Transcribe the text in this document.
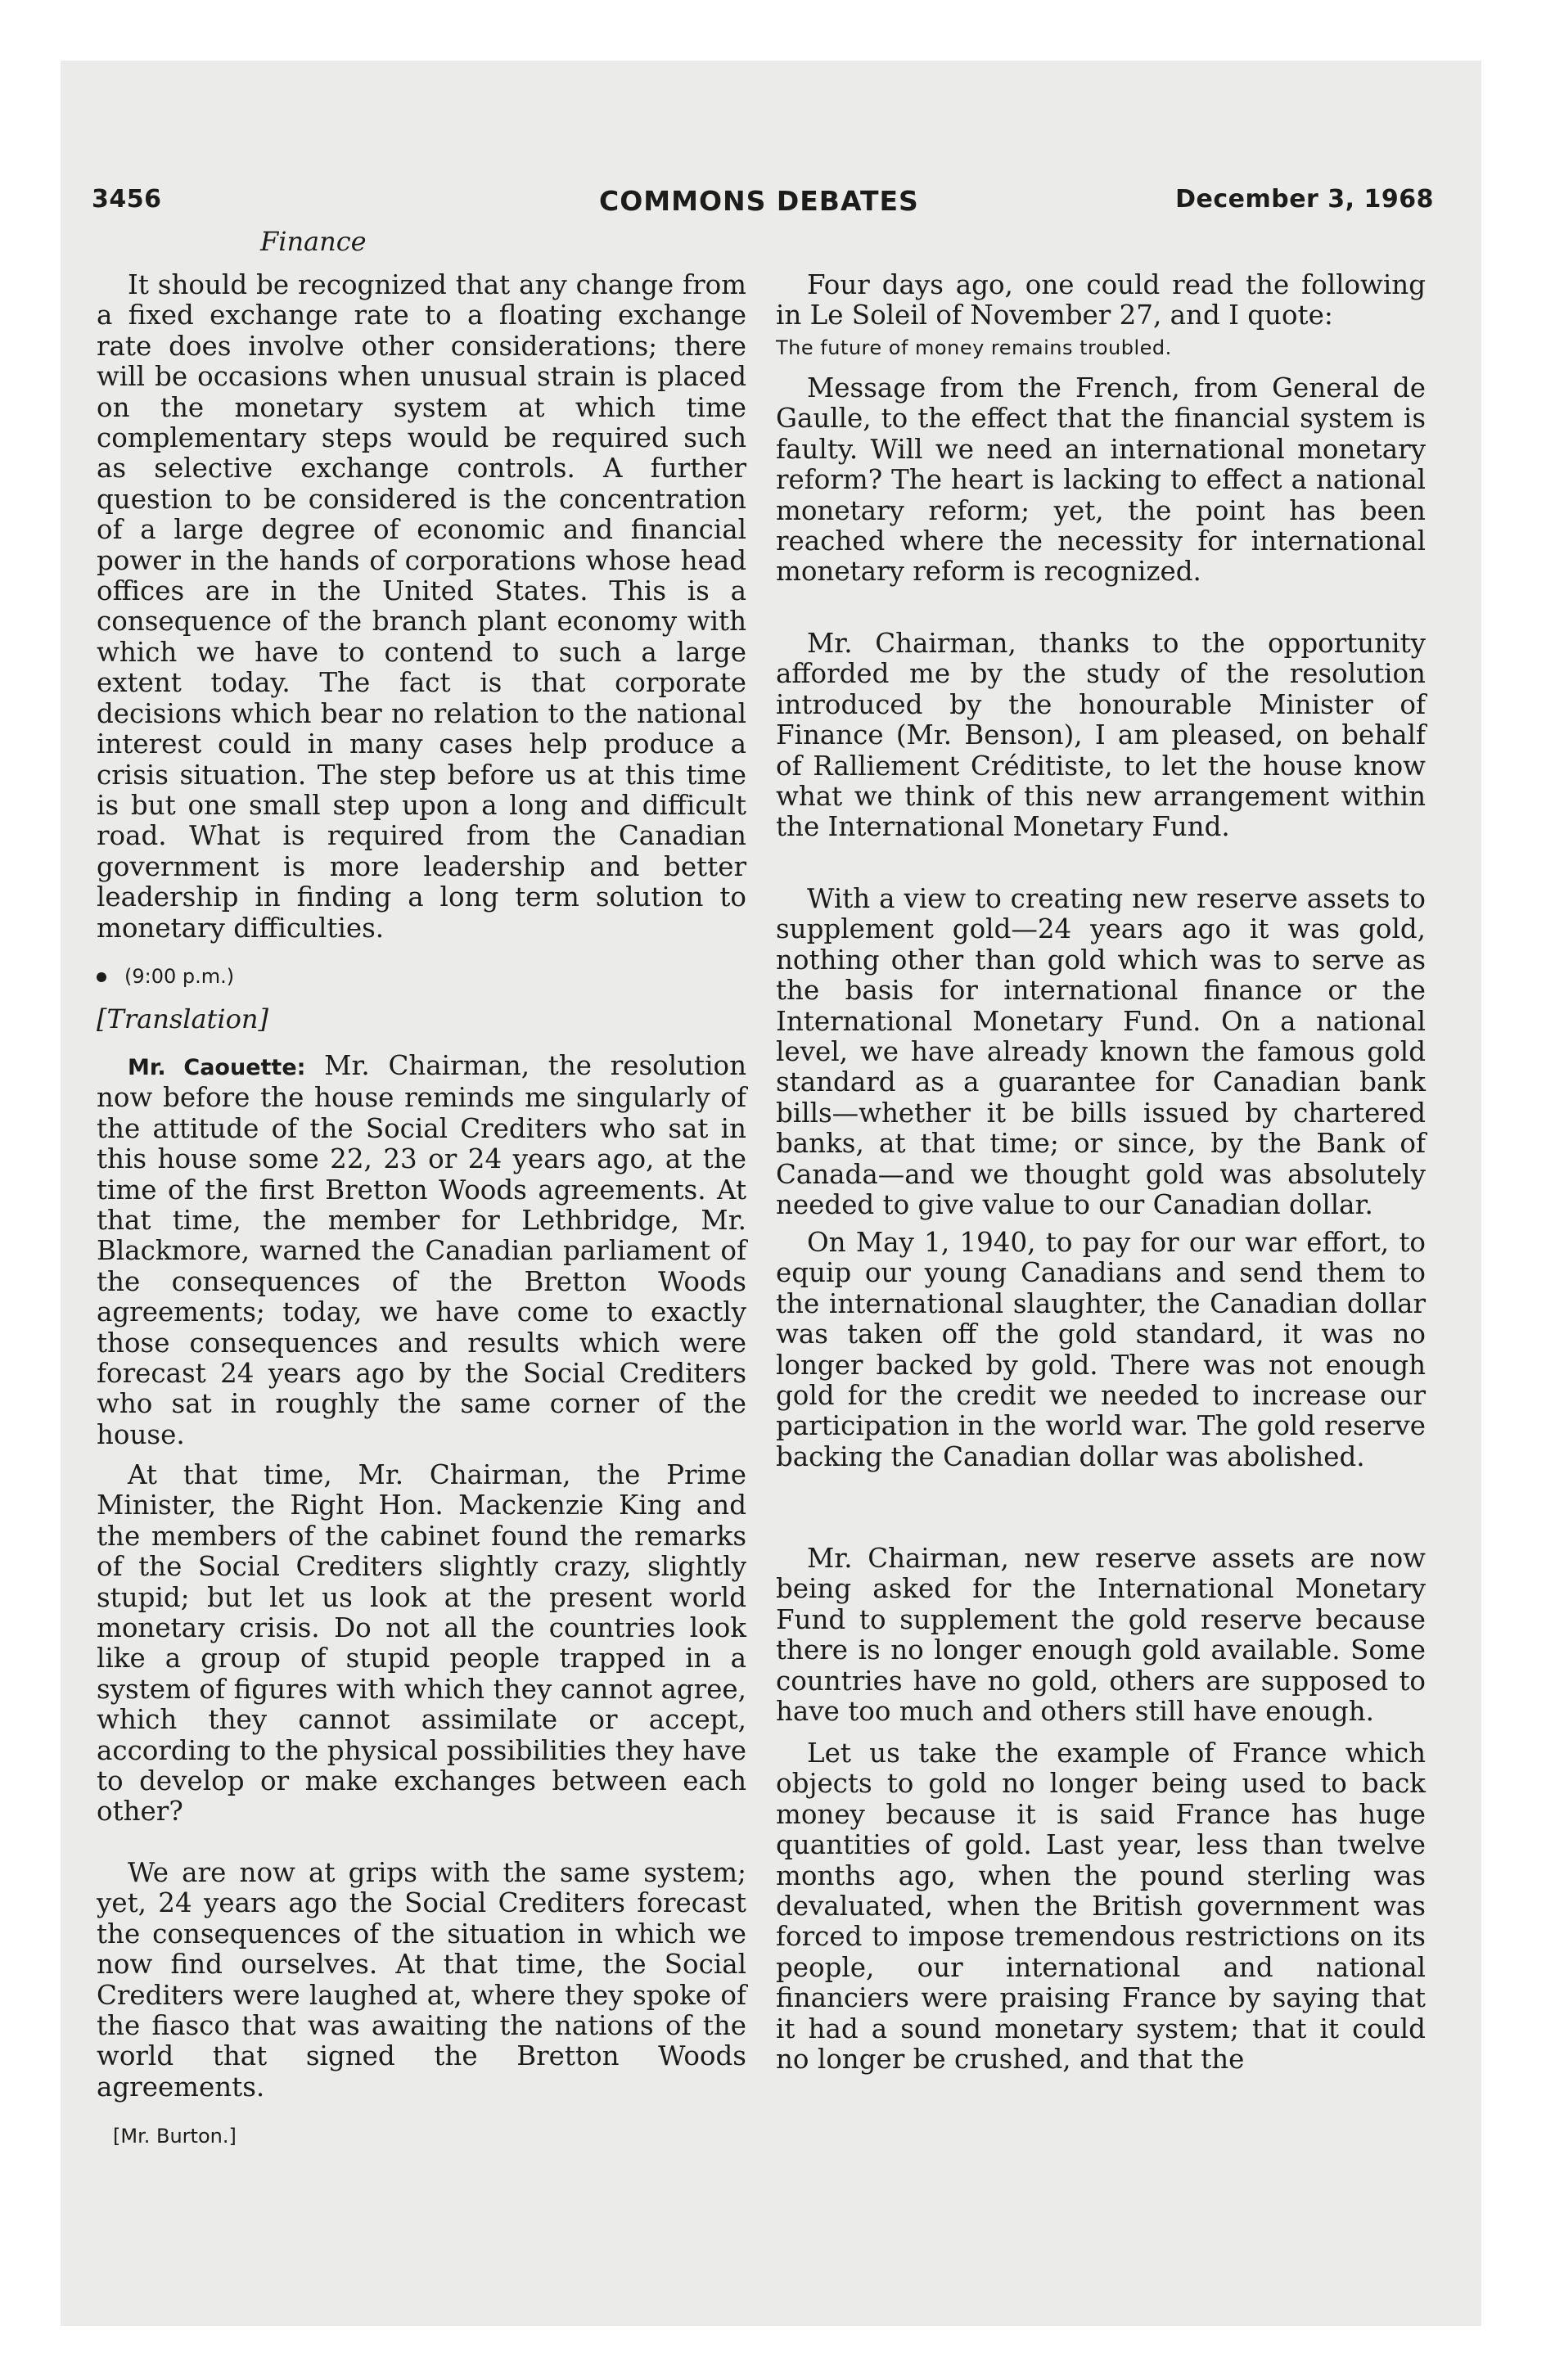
3456	COMMONS DEBATES	December 3, 1968
Finance

It should be recognized that any change from a fixed exchange rate to a floating exchange rate does involve other considerations; there will be occasions when unusual strain is placed on the monetary system at which time complementary steps would be required such as selective exchange controls. A further question to be considered is the concentration of a large degree of economic and financial power in the hands of corporations whose head offices are in the United States. This is a consequence of the branch plant economy with which we have to contend to such a large extent today. The fact is that corporate decisions which bear no relation to the national interest could in many cases help produce a crisis situation. The step before us at this time is but one small step upon a long and difficult road. What is required from the Canadian government is more leadership and better leadership in finding a long term solution to monetary difficulties.

(9:00 p.m.)
[Translation]

Mr. Caouette: Mr. Chairman, the resolution now before the house reminds me singularly of the attitude of the Social Crediters who sat in this house some 22, 23 or 24 years ago, at the time of the first Bretton Woods agreements. At that time, the member for Lethbridge, Mr. Blackmore, warned the Canadian parliament of the consequences of the Bretton Woods agreements; today, we have come to exactly those consequences and results which were forecast 24 years ago by the Social Crediters who sat in roughly the same corner of the house.

At that time, Mr. Chairman, the Prime Minister, the Right Hon. Mackenzie King and the members of the cabinet found the remarks of the Social Crediters slightly crazy, slightly stupid; but let us look at the present world monetary crisis. Do not all the countries look like a group of stupid people trapped in a system of figures with which they cannot agree, which they cannot assimilate or accept, according to the physical possibilities they have to develop or make exchanges between each other?

We are now at grips with the same system; yet, 24 years ago the Social Crediters forecast the consequences of the situation in which we now find ourselves. At that time, the Social Crediters were laughed at, where they spoke of the fiasco that was awaiting the nations of the world that signed the Bretton Woods agreements.

[Mr. Burton.]

Four days ago, one could read the following in Le Soleil of November 27, and I quote:

The future of money remains troubled.

Message from the French, from General de Gaulle, to the effect that the financial system is faulty. Will we need an international monetary reform? The heart is lacking to effect a national monetary reform; yet, the point has been reached where the necessity for international monetary reform is recognized.

Mr. Chairman, thanks to the opportunity afforded me by the study of the resolution introduced by the honourable Minister of Finance (Mr. Benson), I am pleased, on behalf of Ralliement Créditiste, to let the house know what we think of this new arrangement within the International Monetary Fund.

With a view to creating new reserve assets to supplement gold—24 years ago it was gold, nothing other than gold which was to serve as the basis for international finance or the International Monetary Fund. On a national level, we have already known the famous gold standard as a guarantee for Canadian bank bills—whether it be bills issued by chartered banks, at that time; or since, by the Bank of Canada—and we thought gold was absolutely needed to give value to our Canadian dollar.

On May 1, 1940, to pay for our war effort, to equip our young Canadians and send them to the international slaughter, the Canadian dollar was taken off the gold standard, it was no longer backed by gold. There was not enough gold for the credit we needed to increase our participation in the world war. The gold reserve backing the Canadian dollar was abolished.

Mr. Chairman, new reserve assets are now being asked for the International Monetary Fund to supplement the gold reserve because there is no longer enough gold available. Some countries have no gold, others are supposed to have too much and others still have enough.

Let us take the example of France which objects to gold no longer being used to back money because it is said France has huge quantities of gold. Last year, less than twelve months ago, when the pound sterling was devaluated, when the British government was forced to impose tremendous restrictions on its people, our international and national financiers were praising France by saying that it had a sound monetary system; that it could no longer be crushed, and that the
